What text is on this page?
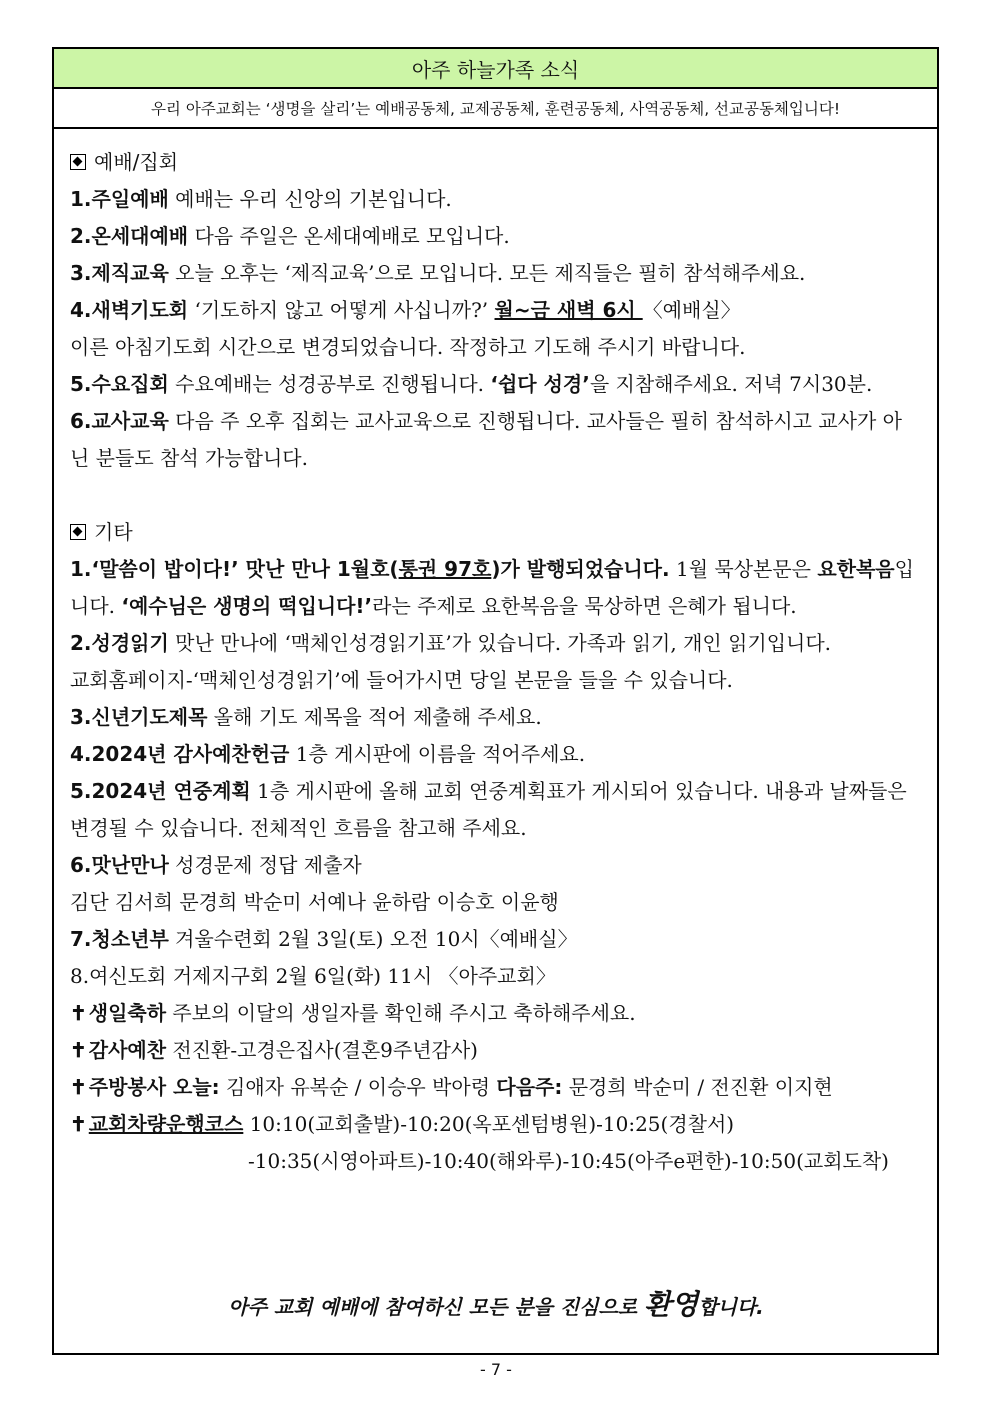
아주 하늘가족 소식
우리 아주교회는 ‘생명을 살리’는 예배공동체, 교제공동체, 훈련공동체, 사역공동체, 선교공동체입니다!
예배/집회
1.주일예배 예배는 우리 신앙의 기본입니다.
2.온세대예배 다음 주일은 온세대예배로 모입니다.
3.제직교육 오늘 오후는 ‘제직교육’으로 모입니다. 모든 제직들은 필히 참석해주세요.
4.새벽기도회 ‘기도하지 않고 어떻게 사십니까?’ 월~금 새벽 6시 〈예배실〉
이른 아침기도회 시간으로 변경되었습니다. 작정하고 기도해 주시기 바랍니다.
5.수요집회 수요예배는 성경공부로 진행됩니다. ‘쉽다 성경’을 지참해주세요. 저녁 7시30분.
6.교사교육 다음 주 오후 집회는 교사교육으로 진행됩니다. 교사들은 필히 참석하시고 교사가 아닌 분들도 참석 가능합니다.
기타
1.‘말씀이 밥이다!’ 맛난 만나 1월호(통권 97호)가 발행되었습니다. 1월 묵상본문은 요한복음입니다. ‘예수님은 생명의 떡입니다!’라는 주제로 요한복음을 묵상하면 은혜가 됩니다.
2.성경읽기 맛난 만나에 ‘맥체인성경읽기표’가 있습니다. 가족과 읽기, 개인 읽기입니다.
교회홈페이지-‘맥체인성경읽기’에 들어가시면 당일 본문을 들을 수 있습니다.
3.신년기도제목 올해 기도 제목을 적어 제출해 주세요.
4.2024년 감사예찬헌금 1층 게시판에 이름을 적어주세요.
5.2024년 연중계획 1층 게시판에 올해 교회 연중계획표가 게시되어 있습니다. 내용과 날짜들은 변경될 수 있습니다. 전체적인 흐름을 참고해 주세요.
6.맛난만나 성경문제 정답 제출자
김단 김서희 문경희 박순미 서예나 윤하람 이승호 이윤행
7.청소년부 겨울수련회 2월 3일(토) 오전 10시〈예배실〉
8.여신도회 거제지구회 2월 6일(화) 11시 〈아주교회〉
✝ 생일축하 주보의 이달의 생일자를 확인해 주시고 축하해주세요.
✝ 감사예찬 전진환-고경은집사(결혼9주년감사)
✝ 주방봉사 오늘: 김애자 유복순 / 이승우 박아령 다음주: 문경희 박순미 / 전진환 이지현
✝ 교회차량운행코스 10:10(교회출발)-10:20(옥포센텀병원)-10:25(경찰서)
-10:35(시영아파트)-10:40(해와루)-10:45(아주e편한)-10:50(교회도착)
아주 교회 예배에 참여하신 모든 분을 진심으로 환영합니다.
- 7 -
